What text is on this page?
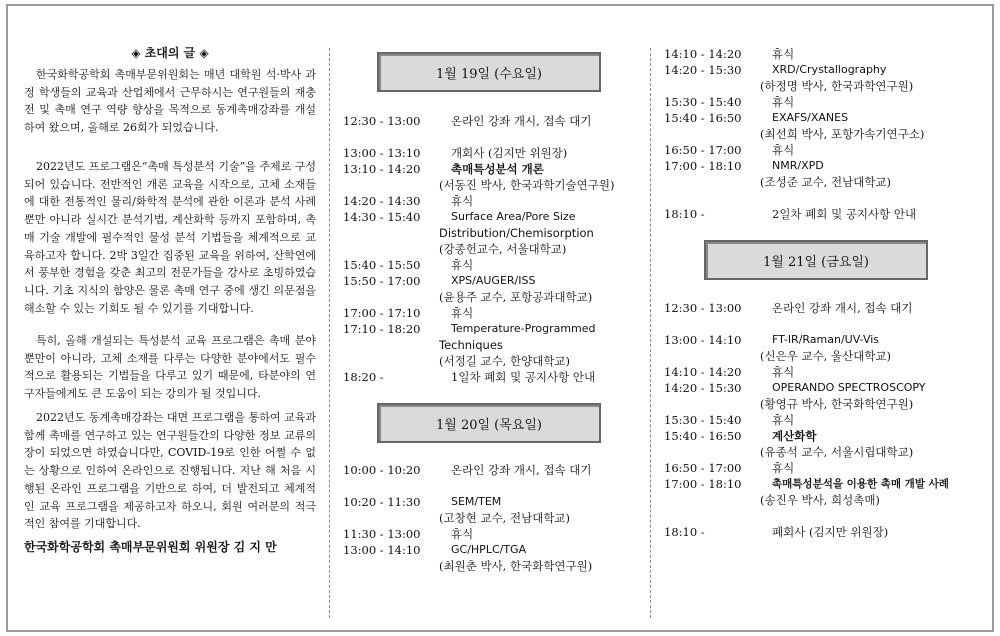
◈ 초대의 글 ◈

한국화학공학회 촉매부문위원회는 매년 대학원 석·박사 과정 학생들의 교육과 산업체에서 근무하시는 연구원들의 재충전 및 촉매 연구 역량 향상을 목적으로 동계촉매강좌를 개설하여 왔으며, 올해로 26회가 되었습니다.

2022년도 프로그램은“촉매 특성분석 기술”을 주제로 구성되어 있습니다. 전반적인 개론 교육을 시작으로, 고체 소재들에 대한 전통적인 물리/화학적 분석에 관한 이론과 분석 사례뿐만 아니라 실시간 분석기법, 계산화학 등까지 포함하며, 촉매 기술 개발에 필수적인 물성 분석 기법들을 체계적으로 교육하고자 합니다. 2박 3일간 집중된 교육을 위하여, 산학연에서 풍부한 경험을 갖춘 최고의 전문가들을 강사로 초빙하였습니다. 기초 지식의 함양은 물론 촉매 연구 중에 생긴 의문점을 해소할 수 있는 기회도 될 수 있기를 기대합니다.

특히, 올해 개설되는 특성분석 교육 프로그램은 촉매 분야뿐만이 아니라, 고체 소재를 다루는 다양한 분야에서도 필수적으로 활용되는 기법들을 다루고 있기 때문에, 타분야의 연구자들에게도 큰 도움이 되는 강의가 될 것입니다.

2022년도 동계촉매강좌는 대면 프로그램을 통하여 교육과 함께 촉매를 연구하고 있는 연구원들간의 다양한 정보 교류의 장이 되었으면 하였습니다만, COVID-19로 인한 어쩔 수 없는 상황으로 인하여 온라인으로 진행됩니다. 지난 해 처음 시행된 온라인 프로그램을 기반으로 하여, 더 발전되고 체계적인 교육 프로그램을 제공하고자 하오니, 회원 여러분의 적극적인 참여를 기대합니다.

한국화학공학회 촉매부문위원회 위원장 김 지 만
1월 19일 (수요일)
12:30 - 13:00	온라인 강좌 개시, 접속 대기
13:00 - 13:10	개회사 (김지만 위원장)
13:10 - 14:20	촉매특성분석 개론
(서동진 박사, 한국과학기술연구원)
14:20 - 14:30	휴식
14:30 - 15:40	Surface Area/Pore Size
Distribution/Chemisorption
(강종헌교수, 서울대학교)
15:40 - 15:50	휴식
15:50 - 17:00	XPS/AUGER/ISS
(윤용주 교수, 포항공과대학교)
17:00 - 17:10	휴식
17:10 - 18:20	Temperature-Programmed
Techniques
(서정길 교수, 한양대학교)
18:20 -	1일차 폐회 및 공지사항 안내
1월 20일 (목요일)
10:00 - 10:20	온라인 강좌 개시, 접속 대기
10:20 - 11:30	SEM/TEM
(고창현 교수, 전남대학교)
11:30 - 13:00	휴식
13:00 - 14:10	GC/HPLC/TGA
(최원춘 박사, 한국화학연구원)
14:10 - 14:20	휴식
14:20 - 15:30	XRD/Crystallography
(하정명 박사, 한국과학연구원)
15:30 - 15:40	휴식
15:40 - 16:50	EXAFS/XANES
(최선희 박사, 포항가속기연구소)
16:50 - 17:00	휴식
17:00 - 18:10	NMR/XPD
(조성준 교수, 전남대학교)
18:10 -	2일차 폐회 및 공지사항 안내
1월 21일 (금요일)
12:30 - 13:00	온라인 강좌 개시, 접속 대기
13:00 - 14:10	FT-IR/Raman/UV-Vis
(신은우 교수, 울산대학교)
14:10 - 14:20	휴식
14:20 - 15:30	OPERANDO SPECTROSCOPY
(황영규 박사, 한국화학연구원)
15:30 - 15:40	휴식
15:40 - 16:50	계산화학
(유종석 교수, 서울시립대학교)
16:50 - 17:00	휴식
17:00 - 18:10	촉매특성분석을 이용한 촉매 개발 사례
(송진우 박사, 희성촉매)
18:10 -	폐회사 (김지만 위원장)
